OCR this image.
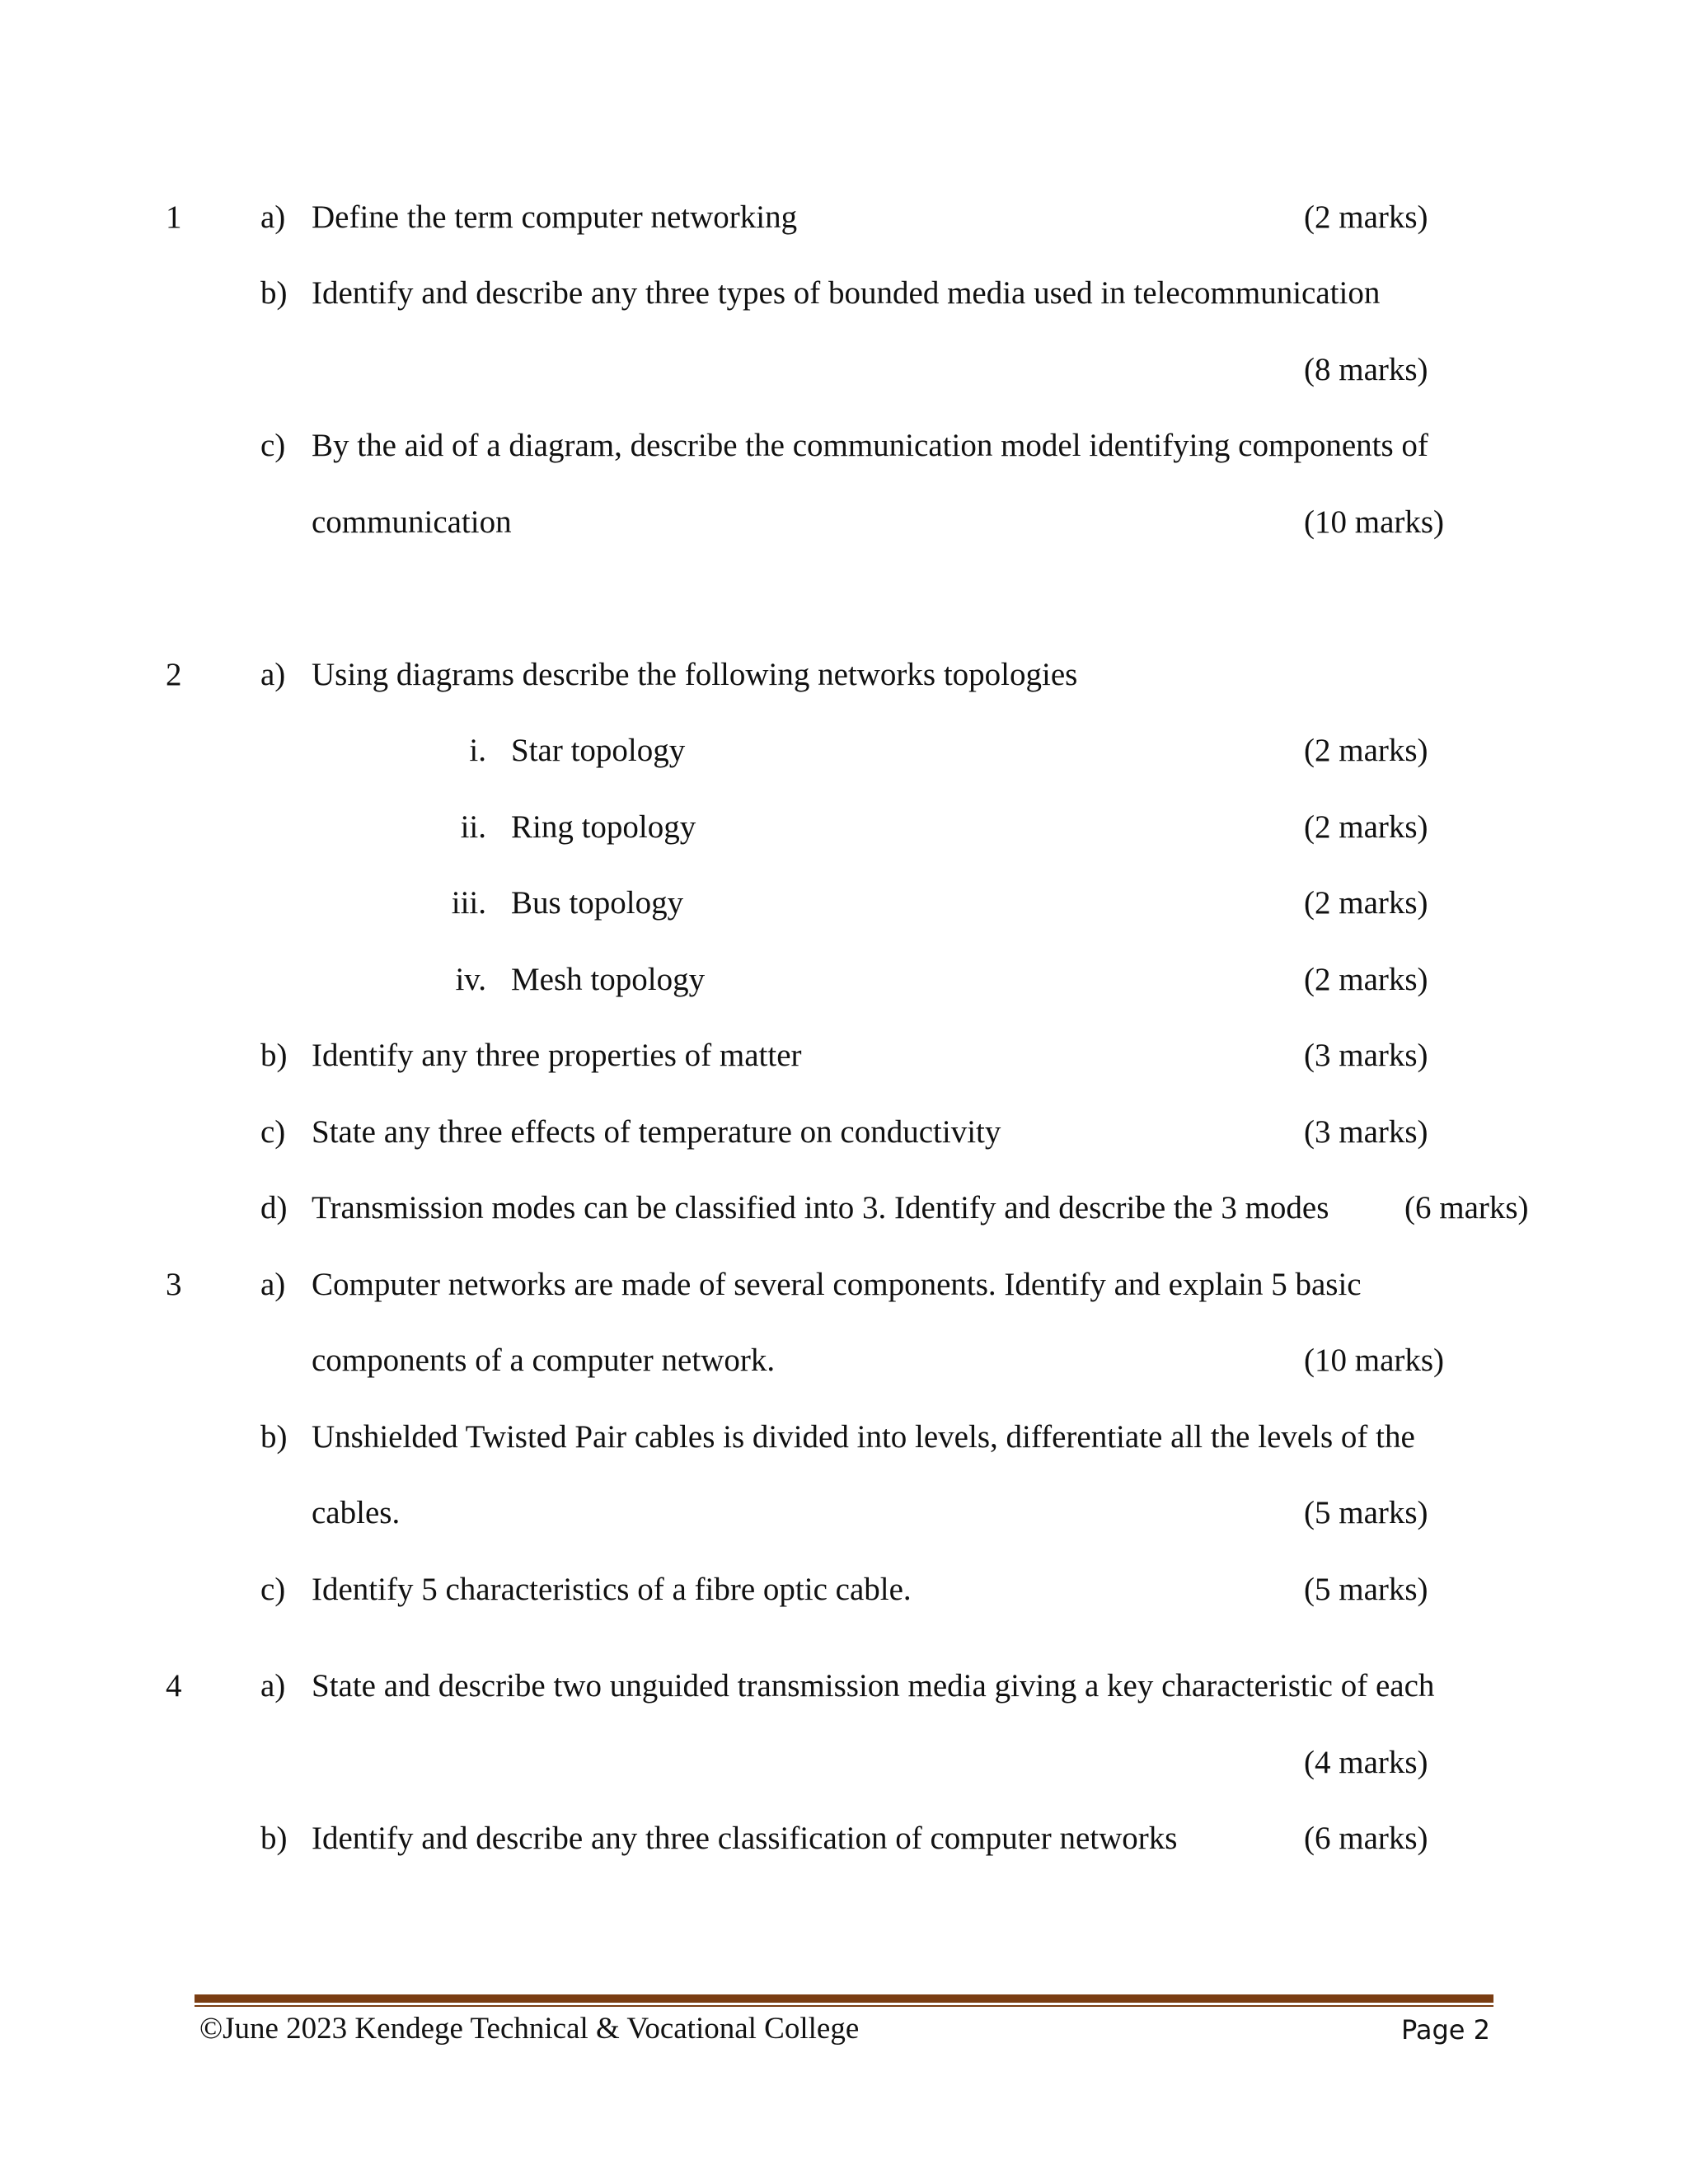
1 a) Define the term computer networking	(2 marks)
b) Identify and describe any three types of bounded media used in telecommunication
(8 marks)
c) By the aid of a diagram, describe the communication model identifying components of
communication	(10 marks)
2 a) Using diagrams describe the following networks topologies
i. Star topology	(2 marks)
ii. Ring topology	(2 marks)
iii. Bus topology	(2 marks)
iv. Mesh topology	(2 marks)
b) Identify any three properties of matter	(3 marks)
c) State any three effects of temperature on conductivity	(3 marks)
d) Transmission modes can be classified into 3. Identify and describe the 3 modes (6 marks)
3 a) Computer networks are made of several components. Identify and explain 5 basic
components of a computer network.	(10 marks)
b) Unshielded Twisted Pair cables is divided into levels, differentiate all the levels of the
cables.	(5 marks)
c) Identify 5 characteristics of a fibre optic cable.	(5 marks)
4 a) State and describe two unguided transmission media giving a key characteristic of each
(4 marks)
b) Identify and describe any three classification of computer networks	(6 marks)
©June 2023 Kendege Technical & Vocational College	Page 2
